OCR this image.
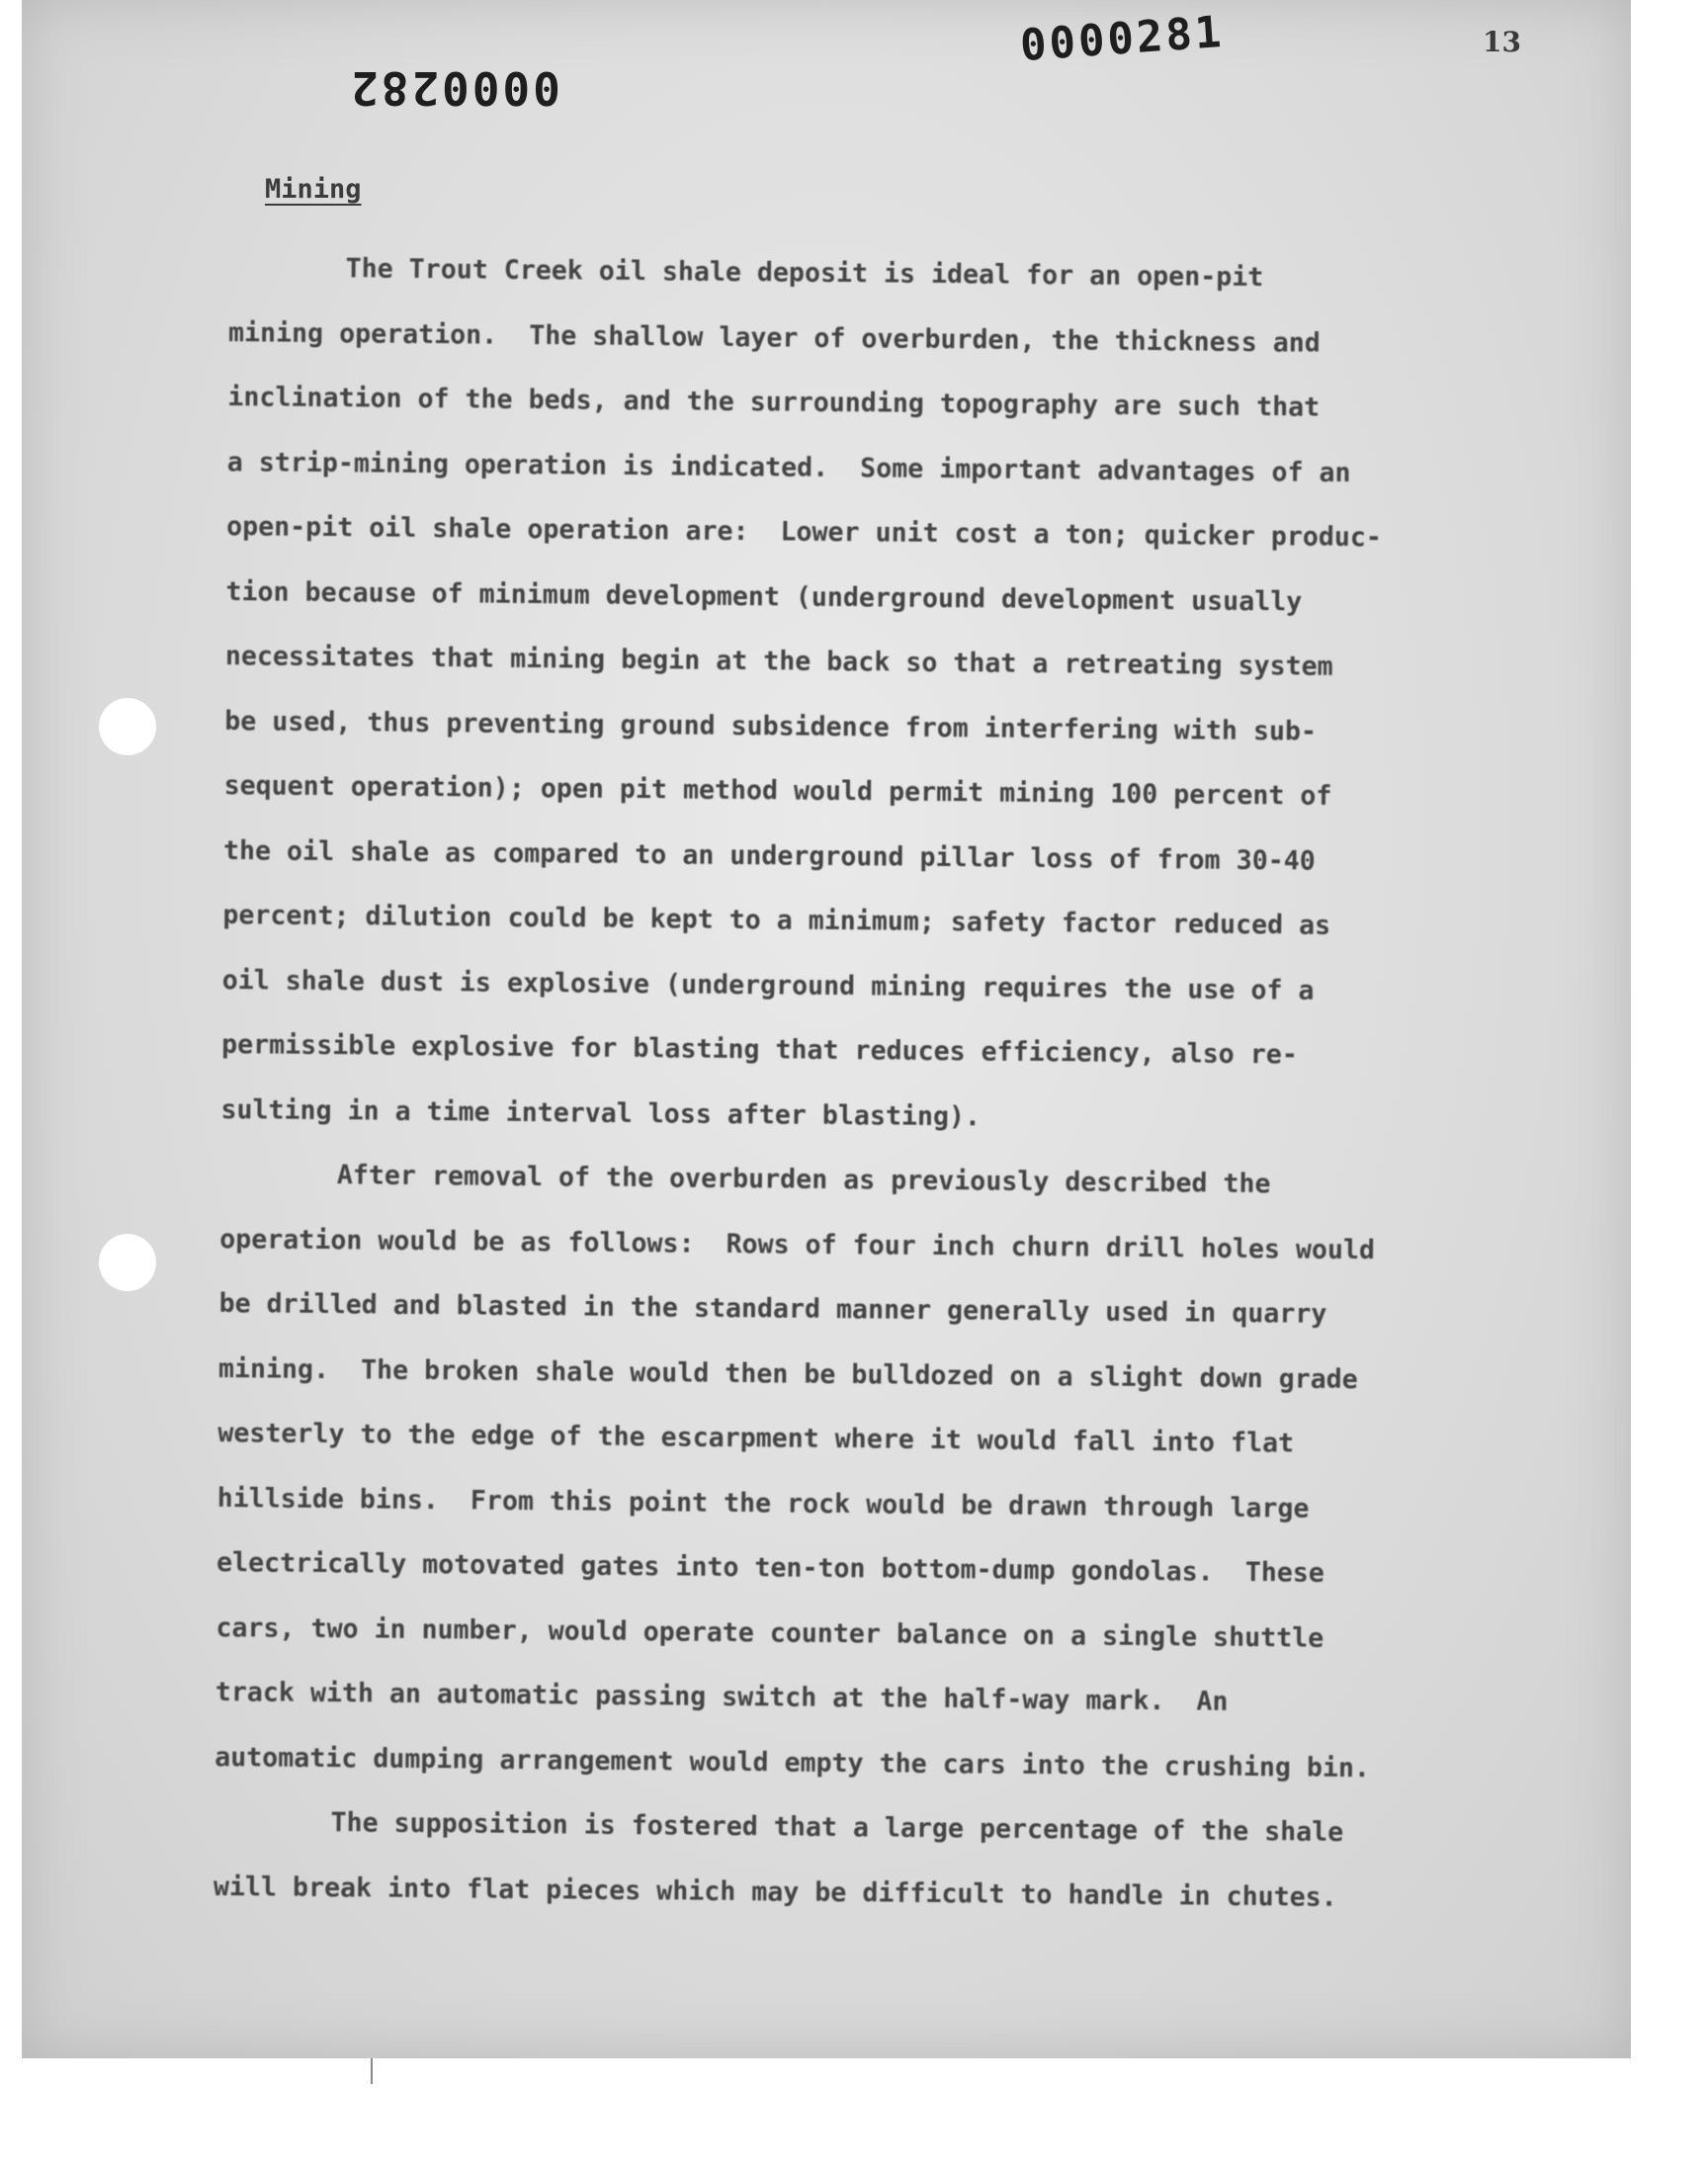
0000281
0000282
13
Mining
The Trout Creek oil shale deposit is ideal for an open-pit
mining operation.  The shallow layer of overburden, the thickness and
inclination of the beds, and the surrounding topography are such that
a strip-mining operation is indicated.  Some important advantages of an
open-pit oil shale operation are:  Lower unit cost a ton; quicker produc-
tion because of minimum development (underground development usually
necessitates that mining begin at the back so that a retreating system
be used, thus preventing ground subsidence from interfering with sub-
sequent operation); open pit method would permit mining 100 percent of
the oil shale as compared to an underground pillar loss of from 30-40
percent; dilution could be kept to a minimum; safety factor reduced as
oil shale dust is explosive (underground mining requires the use of a
permissible explosive for blasting that reduces efficiency, also re-
sulting in a time interval loss after blasting).
After removal of the overburden as previously described the
operation would be as follows:  Rows of four inch churn drill holes would
be drilled and blasted in the standard manner generally used in quarry
mining.  The broken shale would then be bulldozed on a slight down grade
westerly to the edge of the escarpment where it would fall into flat
hillside bins.  From this point the rock would be drawn through large
electrically motovated gates into ten-ton bottom-dump gondolas.  These
cars, two in number, would operate counter balance on a single shuttle
track with an automatic passing switch at the half-way mark.  An
automatic dumping arrangement would empty the cars into the crushing bin.
The supposition is fostered that a large percentage of the shale
will break into flat pieces which may be difficult to handle in chutes.
